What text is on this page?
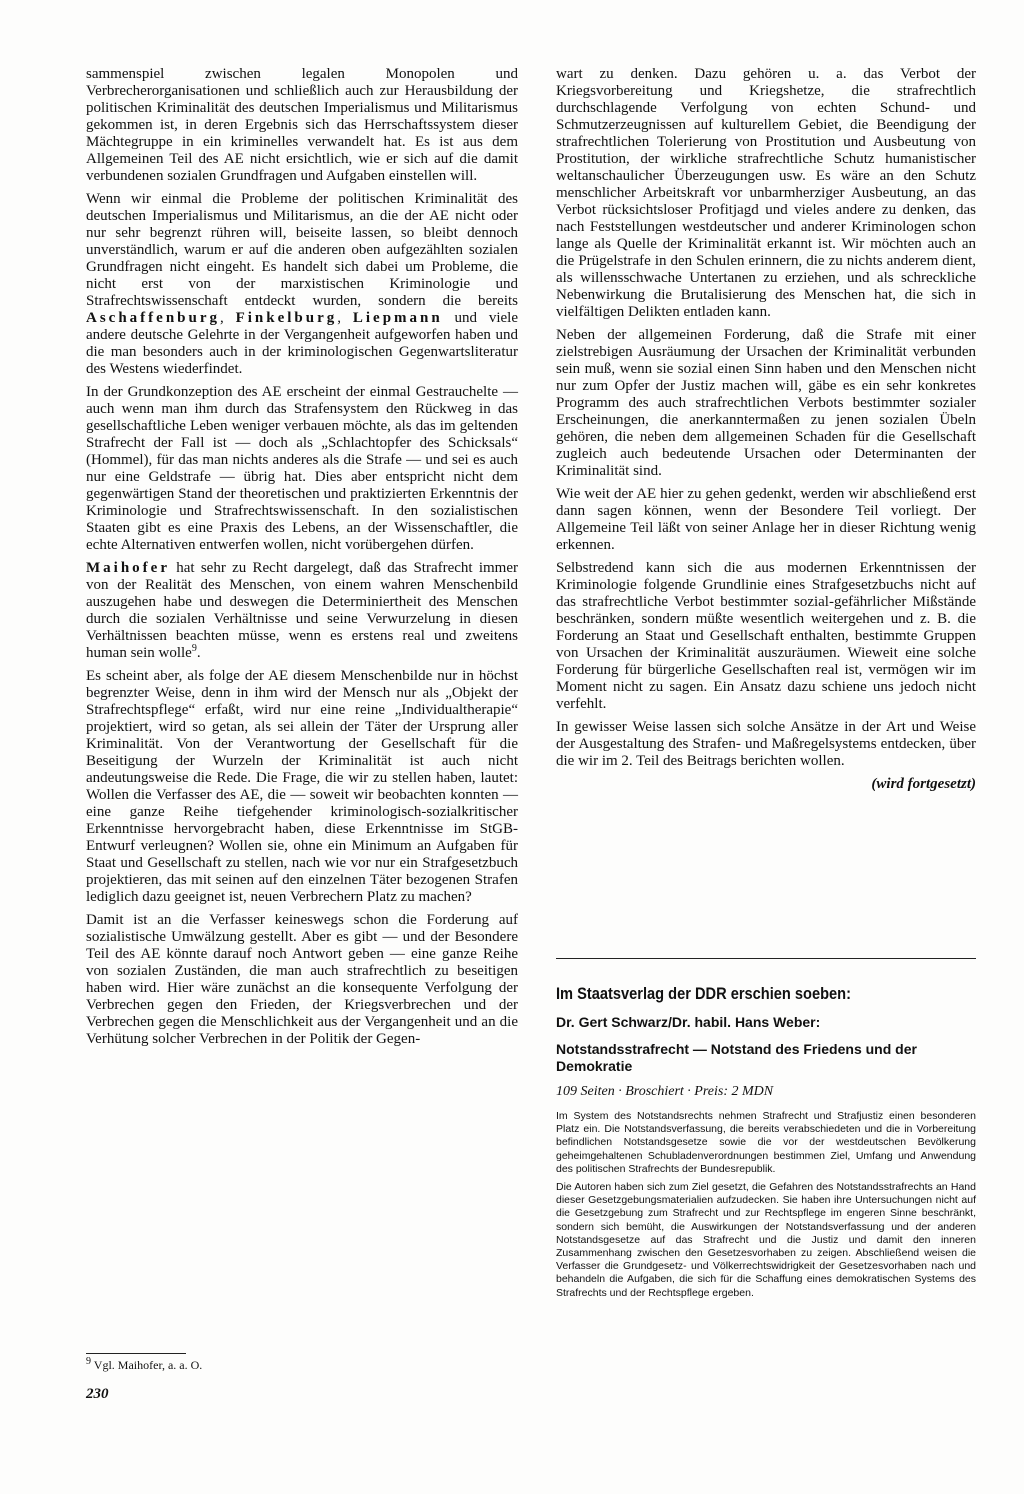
sammenspiel zwischen legalen Monopolen und Verbrecherorganisationen und schließlich auch zur Herausbildung der politischen Kriminalität des deutschen Imperialismus und Militarismus gekommen ist, in deren Ergebnis sich das Herrschaftssystem dieser Mächtegruppe in ein kriminelles verwandelt hat. Es ist aus dem Allgemeinen Teil des AE nicht ersichtlich, wie er sich auf die damit verbundenen sozialen Grundfragen und Aufgaben einstellen will.

Wenn wir einmal die Probleme der politischen Kriminalität des deutschen Imperialismus und Militarismus, an die der AE nicht oder nur sehr begrenzt rühren will, beiseite lassen, so bleibt dennoch unverständlich, warum er auf die anderen oben aufgezählten sozialen Grundfragen nicht eingeht. Es handelt sich dabei um Probleme, die nicht erst von der marxistischen Kriminologie und Strafrechtswissenschaft entdeckt wurden, sondern die bereits Aschaffenburg, Finkelburg, Liepmann und viele andere deutsche Gelehrte in der Vergangenheit aufgeworfen haben und die man besonders auch in der kriminologischen Gegenwartsliteratur des Westens wiederfindet.

In der Grundkonzeption des AE erscheint der einmal Gestrauchelte — auch wenn man ihm durch das Strafensystem den Rückweg in das gesellschaftliche Leben weniger verbauen möchte, als das im geltenden Strafrecht der Fall ist — doch als „Schlachtopfer des Schicksals“ (Hommel), für das man nichts anderes als die Strafe — und sei es auch nur eine Geldstrafe — übrig hat. Dies aber entspricht nicht dem gegenwärtigen Stand der theoretischen und praktizierten Erkenntnis der Kriminologie und Strafrechtswissenschaft. In den sozialistischen Staaten gibt es eine Praxis des Lebens, an der Wissenschaftler, die echte Alternativen entwerfen wollen, nicht vorübergehen dürfen.

Maihofer hat sehr zu Recht dargelegt, daß das Strafrecht immer von der Realität des Menschen, von einem wahren Menschenbild auszugehen habe und deswegen die Determiniertheit des Menschen durch die sozialen Verhältnisse und seine Verwurzelung in diesen Verhältnissen beachten müsse, wenn es erstens real und zweitens human sein wolle$^9$.

Es scheint aber, als folge der AE diesem Menschenbilde nur in höchst begrenzter Weise, denn in ihm wird der Mensch nur als „Objekt der Strafrechtspflege“ erfaßt, wird nur eine reine „Individualtherapie“ projektiert, wird so getan, als sei allein der Täter der Ursprung aller Kriminalität. Von der Verantwortung der Gesellschaft für die Beseitigung der Wurzeln der Kriminalität ist auch nicht andeutungsweise die Rede. Die Frage, die wir zu stellen haben, lautet: Wollen die Verfasser des AE, die — soweit wir beobachten konnten — eine ganze Reihe tiefgehender kriminologisch-sozialkritischer Erkenntnisse hervorgebracht haben, diese Erkenntnisse im StGB-Entwurf verleugnen? Wollen sie, ohne ein Minimum an Aufgaben für Staat und Gesellschaft zu stellen, nach wie vor nur ein Strafgesetzbuch projektieren, das mit seinen auf den einzelnen Täter bezogenen Strafen lediglich dazu geeignet ist, neuen Verbrechern Platz zu machen?

Damit ist an die Verfasser keineswegs schon die Forderung auf sozialistische Umwälzung gestellt. Aber es gibt — und der Besondere Teil des AE könnte darauf noch Antwort geben — eine ganze Reihe von sozialen Zuständen, die man auch strafrechtlich zu beseitigen haben wird. Hier wäre zunächst an die konsequente Verfolgung der Verbrechen gegen den Frieden, der Kriegsverbrechen und der Verbrechen gegen die Menschlichkeit aus der Vergangenheit und an die Verhütung solcher Verbrechen in der Politik der Gegen-

wart zu denken. Dazu gehören u. a. das Verbot der Kriegsvorbereitung und Kriegshetze, die strafrechtlich durchschlagende Verfolgung von echten Schund- und Schmutzerzeugnissen auf kulturellem Gebiet, die Beendigung der strafrechtlichen Tolerierung von Prostitution und Ausbeutung von Prostitution, der wirkliche strafrechtliche Schutz humanistischer weltanschaulicher Überzeugungen usw. Es wäre an den Schutz menschlicher Arbeitskraft vor unbarmherziger Ausbeutung, an das Verbot rücksichtsloser Profitjagd und vieles andere zu denken, das nach Feststellungen westdeutscher und anderer Kriminologen schon lange als Quelle der Kriminalität erkannt ist. Wir möchten auch an die Prügelstrafe in den Schulen erinnern, die zu nichts anderem dient, als willensschwache Untertanen zu erziehen, und als schreckliche Nebenwirkung die Brutalisierung des Menschen hat, die sich in vielfältigen Delikten entladen kann.

Neben der allgemeinen Forderung, daß die Strafe mit einer zielstrebigen Ausräumung der Ursachen der Kriminalität verbunden sein muß, wenn sie sozial einen Sinn haben und den Menschen nicht nur zum Opfer der Justiz machen will, gäbe es ein sehr konkretes Programm des auch strafrechtlichen Verbots bestimmter sozialer Erscheinungen, die anerkanntermaßen zu jenen sozialen Übeln gehören, die neben dem allgemeinen Schaden für die Gesellschaft zugleich auch bedeutende Ursachen oder Determinanten der Kriminalität sind.

Wie weit der AE hier zu gehen gedenkt, werden wir abschließend erst dann sagen können, wenn der Besondere Teil vorliegt. Der Allgemeine Teil läßt von seiner Anlage her in dieser Richtung wenig erkennen.

Selbstredend kann sich die aus modernen Erkenntnissen der Kriminologie folgende Grundlinie eines Strafgesetzbuchs nicht auf das strafrechtliche Verbot bestimmter sozial-gefährlicher Mißstände beschränken, sondern müßte wesentlich weitergehen und z. B. die Forderung an Staat und Gesellschaft enthalten, bestimmte Gruppen von Ursachen der Kriminalität auszuräumen. Wieweit eine solche Forderung für bürgerliche Gesellschaften real ist, vermögen wir im Moment nicht zu sagen. Ein Ansatz dazu schiene uns jedoch nicht verfehlt.

In gewisser Weise lassen sich solche Ansätze in der Art und Weise der Ausgestaltung des Strafen- und Maßregelsystems entdecken, über die wir im 2. Teil des Beitrags berichten wollen.

(wird fortgesetzt)

Im Staatsverlag der DDR erschien soeben:
Dr. Gert Schwarz/Dr. habil. Hans Weber:
Notstandsstrafrecht — Notstand des Friedens und der Demokratie
109 Seiten · Broschiert · Preis: 2 MDN

Im System des Notstandsrechts nehmen Strafrecht und Strafjustiz einen besonderen Platz ein. Die Notstandsverfassung, die bereits verabschiedeten und die in Vorbereitung befindlichen Notstandsgesetze sowie die vor der westdeutschen Bevölkerung geheimgehaltenen Schubladenverordnungen bestimmen Ziel, Umfang und Anwendung des politischen Strafrechts der Bundesrepublik.

Die Autoren haben sich zum Ziel gesetzt, die Gefahren des Notstandsstrafrechts an Hand dieser Gesetzgebungsmaterialien aufzudecken. Sie haben ihre Untersuchungen nicht auf die Gesetzgebung zum Strafrecht und zur Rechtspflege im engeren Sinne beschränkt, sondern sich bemüht, die Auswirkungen der Notstandsverfassung und der anderen Notstandsgesetze auf das Strafrecht und die Justiz und damit den inneren Zusammenhang zwischen den Gesetzesvorhaben zu zeigen. Abschließend weisen die Verfasser die Grundgesetz- und Völkerrechtswidrigkeit der Gesetzesvorhaben nach und behandeln die Aufgaben, die sich für die Schaffung eines demokratischen Systems des Strafrechts und der Rechtspflege ergeben.

$^9$ Vgl. Maihofer, a. a. O.
230
